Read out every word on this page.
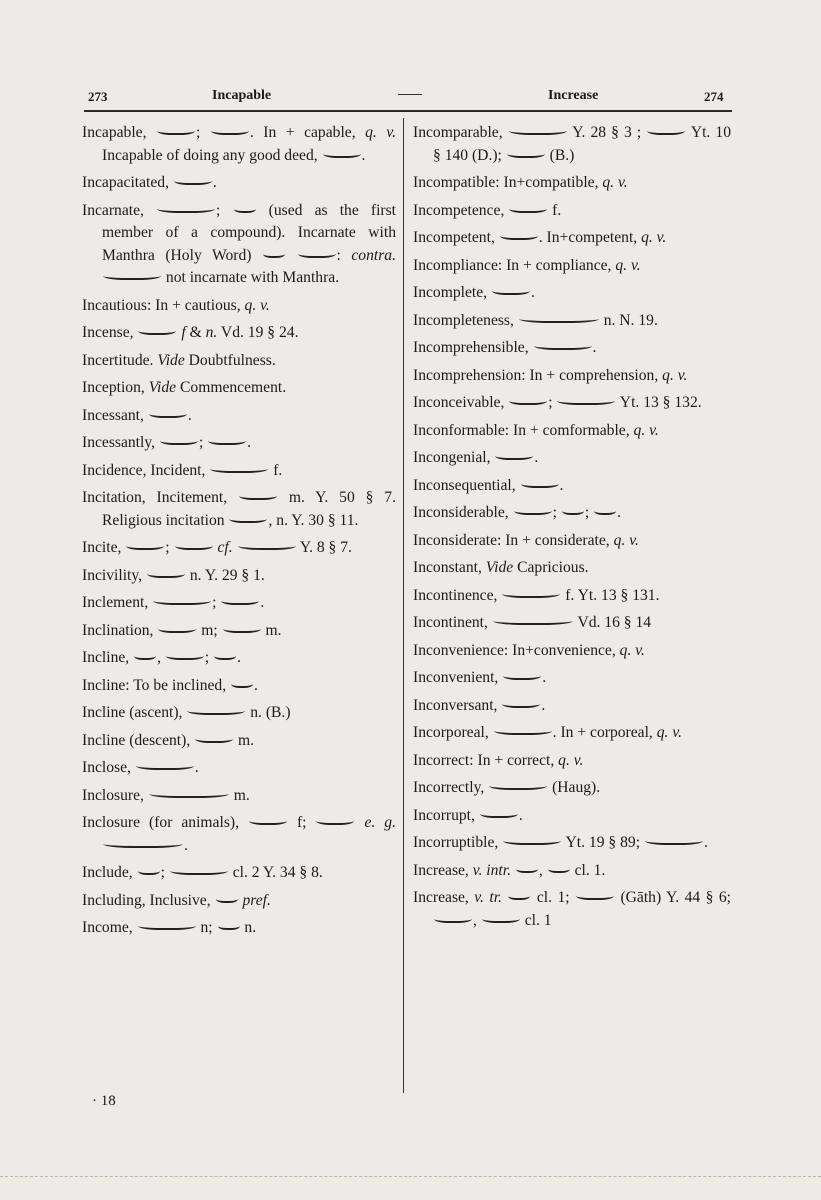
273	Incapable	Increase	274

Incapable,	;	. In + capable, q. v. Incapable of doing any good deed,	.

Incapacitated,	.

Incarnate,	;  (used as the first member of a compound). Incarnate with Manthra (Holy Word)	: contra.  not incarnate with Manthra.

Incautious: In + cautious, q. v.

Incense,	f & n. Vd. 19 § 24.

Incertitude. Vide Doubtfulness.

Inception, Vide Commencement.

Incessant,	.

Incessantly,	;	.

Incidence, Incident,	f.

Incitation, Incitement,	m. Y. 50 § 7. Religious incitation	, n. Y. 30 § 11.

Incite,	;	cf.	Y. 8 § 7.

Incivility,	n. Y. 29 § 1.

Inclement,	;	.

Inclination,	m;	m.

Incline, ,	; .

Incline: To be inclined, .

Incline (ascent),	n. (B.)

Incline (descent),	m.

Inclose,	.

Inclosure,	m.

Inclosure (for animals),	f;	e. g. .

Include, ;	cl. 2 Y. 34 § 8.

Including, Inclusive,  pref.

Income,	n;  n.

Incomparable,	Y. 28 § 3 ;	Yt. 10 § 140 (D.);	(B.)

Incompatible: In+compatible, q. v.

Incompetence,	f.

Incompetent,	. In+competent, q. v.

Incompliance: In + compliance, q. v.

Incomplete,	.

Incompleteness,	n. N. 19.

Incomprehensible,	.

Incomprehension: In + comprehension, q. v.

Inconceivable,	;	Yt. 13 § 132.

Inconformable: In + comformable, q. v.

Incongenial,	.

Inconsequential,	.

Inconsiderable,	; ; .

Inconsiderate: In + considerate, q. v.

Inconstant, Vide Capricious.

Incontinence,	f. Yt. 13 § 131.

Incontinent,	Vd. 16 § 14

Inconvenience: In+convenience, q. v.

Inconvenient,	.

Inconversant,	.

Incorporeal,	. In + corporeal, q. v.

Incorrect: In + correct, q. v.

Incorrectly,	(Haug).

Incorrupt,	.

Incorruptible,	Yt. 19 § 89;	.

Increase, v. intr. ,  cl. 1.

Increase, v. tr.  cl. 1;	(Gāth) Y. 44 § 6; ,	cl. 1

· 18
